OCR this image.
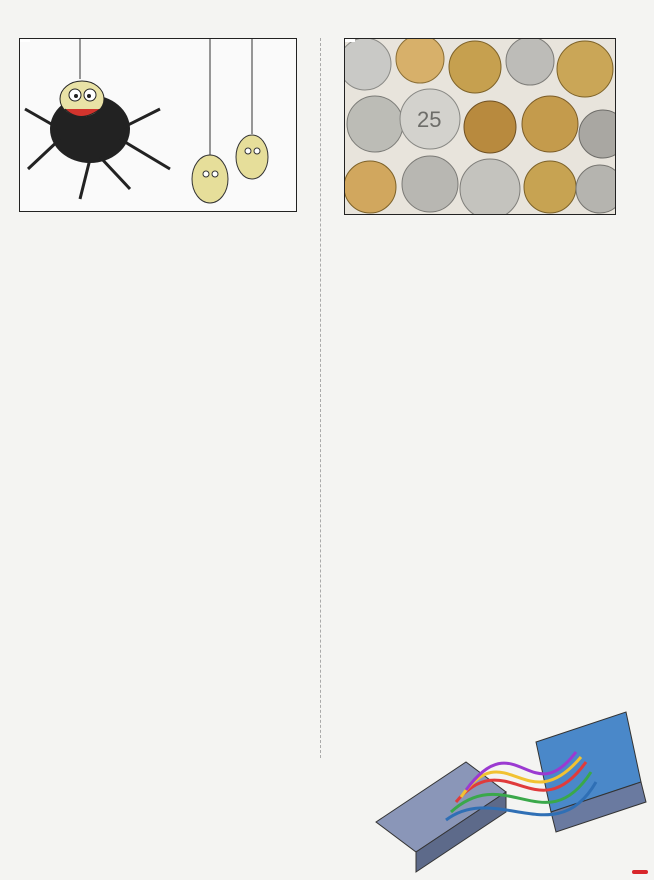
25
